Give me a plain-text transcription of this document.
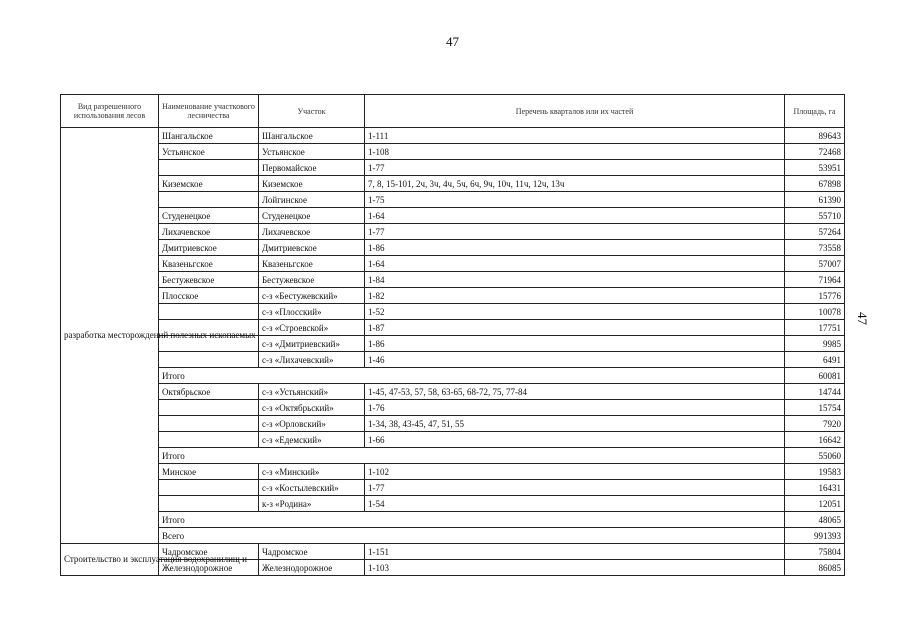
47
47
Вид разрешенного использования лесов	Наименование участкового лесничества	Участок	Перечень кварталов или их частей	Площадь, га
разработка месторождений полезных ископаемых	Шангальское	Шангальское	1-111	89643
	Устьянское	Устьянское	1-108	72468
		Первомайское	1-77	53951
	Киземское	Киземское	7, 8, 15-101, 2ч, 3ч, 4ч, 5ч, 6ч, 9ч, 10ч, 11ч, 12ч, 13ч	67898
		Лойгинское	1-75	61390
	Студенецкое	Студенецкое	1-64	55710
	Лихачевское	Лихачевское	1-77	57264
	Дмитриевское	Дмитриевское	1-86	73558
	Квазеньгское	Квазеньгское	1-64	57007
	Бестужевское	Бестужевское	1-84	71964
	Плосское	с-з «Бестужевский»	1-82	15776
		с-з «Плосский»	1-52	10078
		с-з «Строевской»	1-87	17751
		с-з «Дмитриевский»	1-86	9985
		с-з «Лихачевский»	1-46	6491
	Итого			60081
	Октябрьское	с-з «Устьянский»	1-45, 47-53, 57, 58, 63-65, 68-72, 75, 77-84	14744
		с-з «Октябрьский»	1-76	15754
		с-з «Орловский»	1-34, 38, 43-45, 47, 51, 55	7920
		с-з «Едемский»	1-66	16642
	Итого			55060
	Минское	с-з «Минский»	1-102	19583
		с-з «Костылевский»	1-77	16431
		к-з «Родина»	1-54	12051
	Итого			48065
	Всего			991393
Строительство и эксплуатация водохранилищ и	Чадромское	Чадромское	1-151	75804
	Железнодорожное	Железнодорожное	1-103	86085
